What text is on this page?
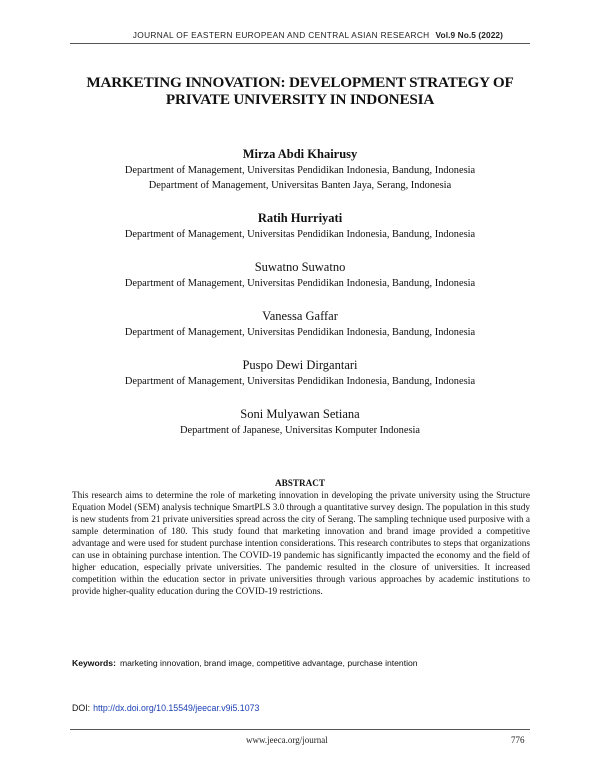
JOURNAL OF EASTERN EUROPEAN AND CENTRAL ASIAN RESEARCH Vol.9 No.5 (2022)
MARKETING INNOVATION: DEVELOPMENT STRATEGY OF
PRIVATE UNIVERSITY IN INDONESIA
Mirza Abdi Khairusy
Department of Management, Universitas Pendidikan Indonesia, Bandung, Indonesia
Department of Management, Universitas Banten Jaya, Serang, Indonesia
Ratih Hurriyati
Department of Management, Universitas Pendidikan Indonesia, Bandung, Indonesia
Suwatno Suwatno
Department of Management, Universitas Pendidikan Indonesia, Bandung, Indonesia
Vanessa Gaffar
Department of Management, Universitas Pendidikan Indonesia, Bandung, Indonesia
Puspo Dewi Dirgantari
Department of Management, Universitas Pendidikan Indonesia, Bandung, Indonesia
Soni Mulyawan Setiana
Department of Japanese, Universitas Komputer Indonesia
ABSTRACT
This research aims to determine the role of marketing innovation in developing the private university using the Structure Equation Model (SEM) analysis technique SmartPLS 3.0 through a quantitative survey design. The population in this study is new students from 21 private universities spread across the city of Serang. The sampling technique used purposive with a sample determination of 180. This study found that marketing innovation and brand image provided a competitive advantage and were used for student purchase intention considerations. This research contributes to steps that organizations can use in obtaining purchase intention. The COVID-19 pandemic has significantly impacted the economy and the field of higher education, especially private universities. The pandemic resulted in the closure of universities. It increased competition within the education sector in private universities through various approaches by academic institutions to provide higher-quality education during the COVID-19 restrictions.
Keywords: marketing innovation, brand image, competitive advantage, purchase intention
DOI: http://dx.doi.org/10.15549/jeecar.v9i5.1073
www.jeeca.org/journal	776
